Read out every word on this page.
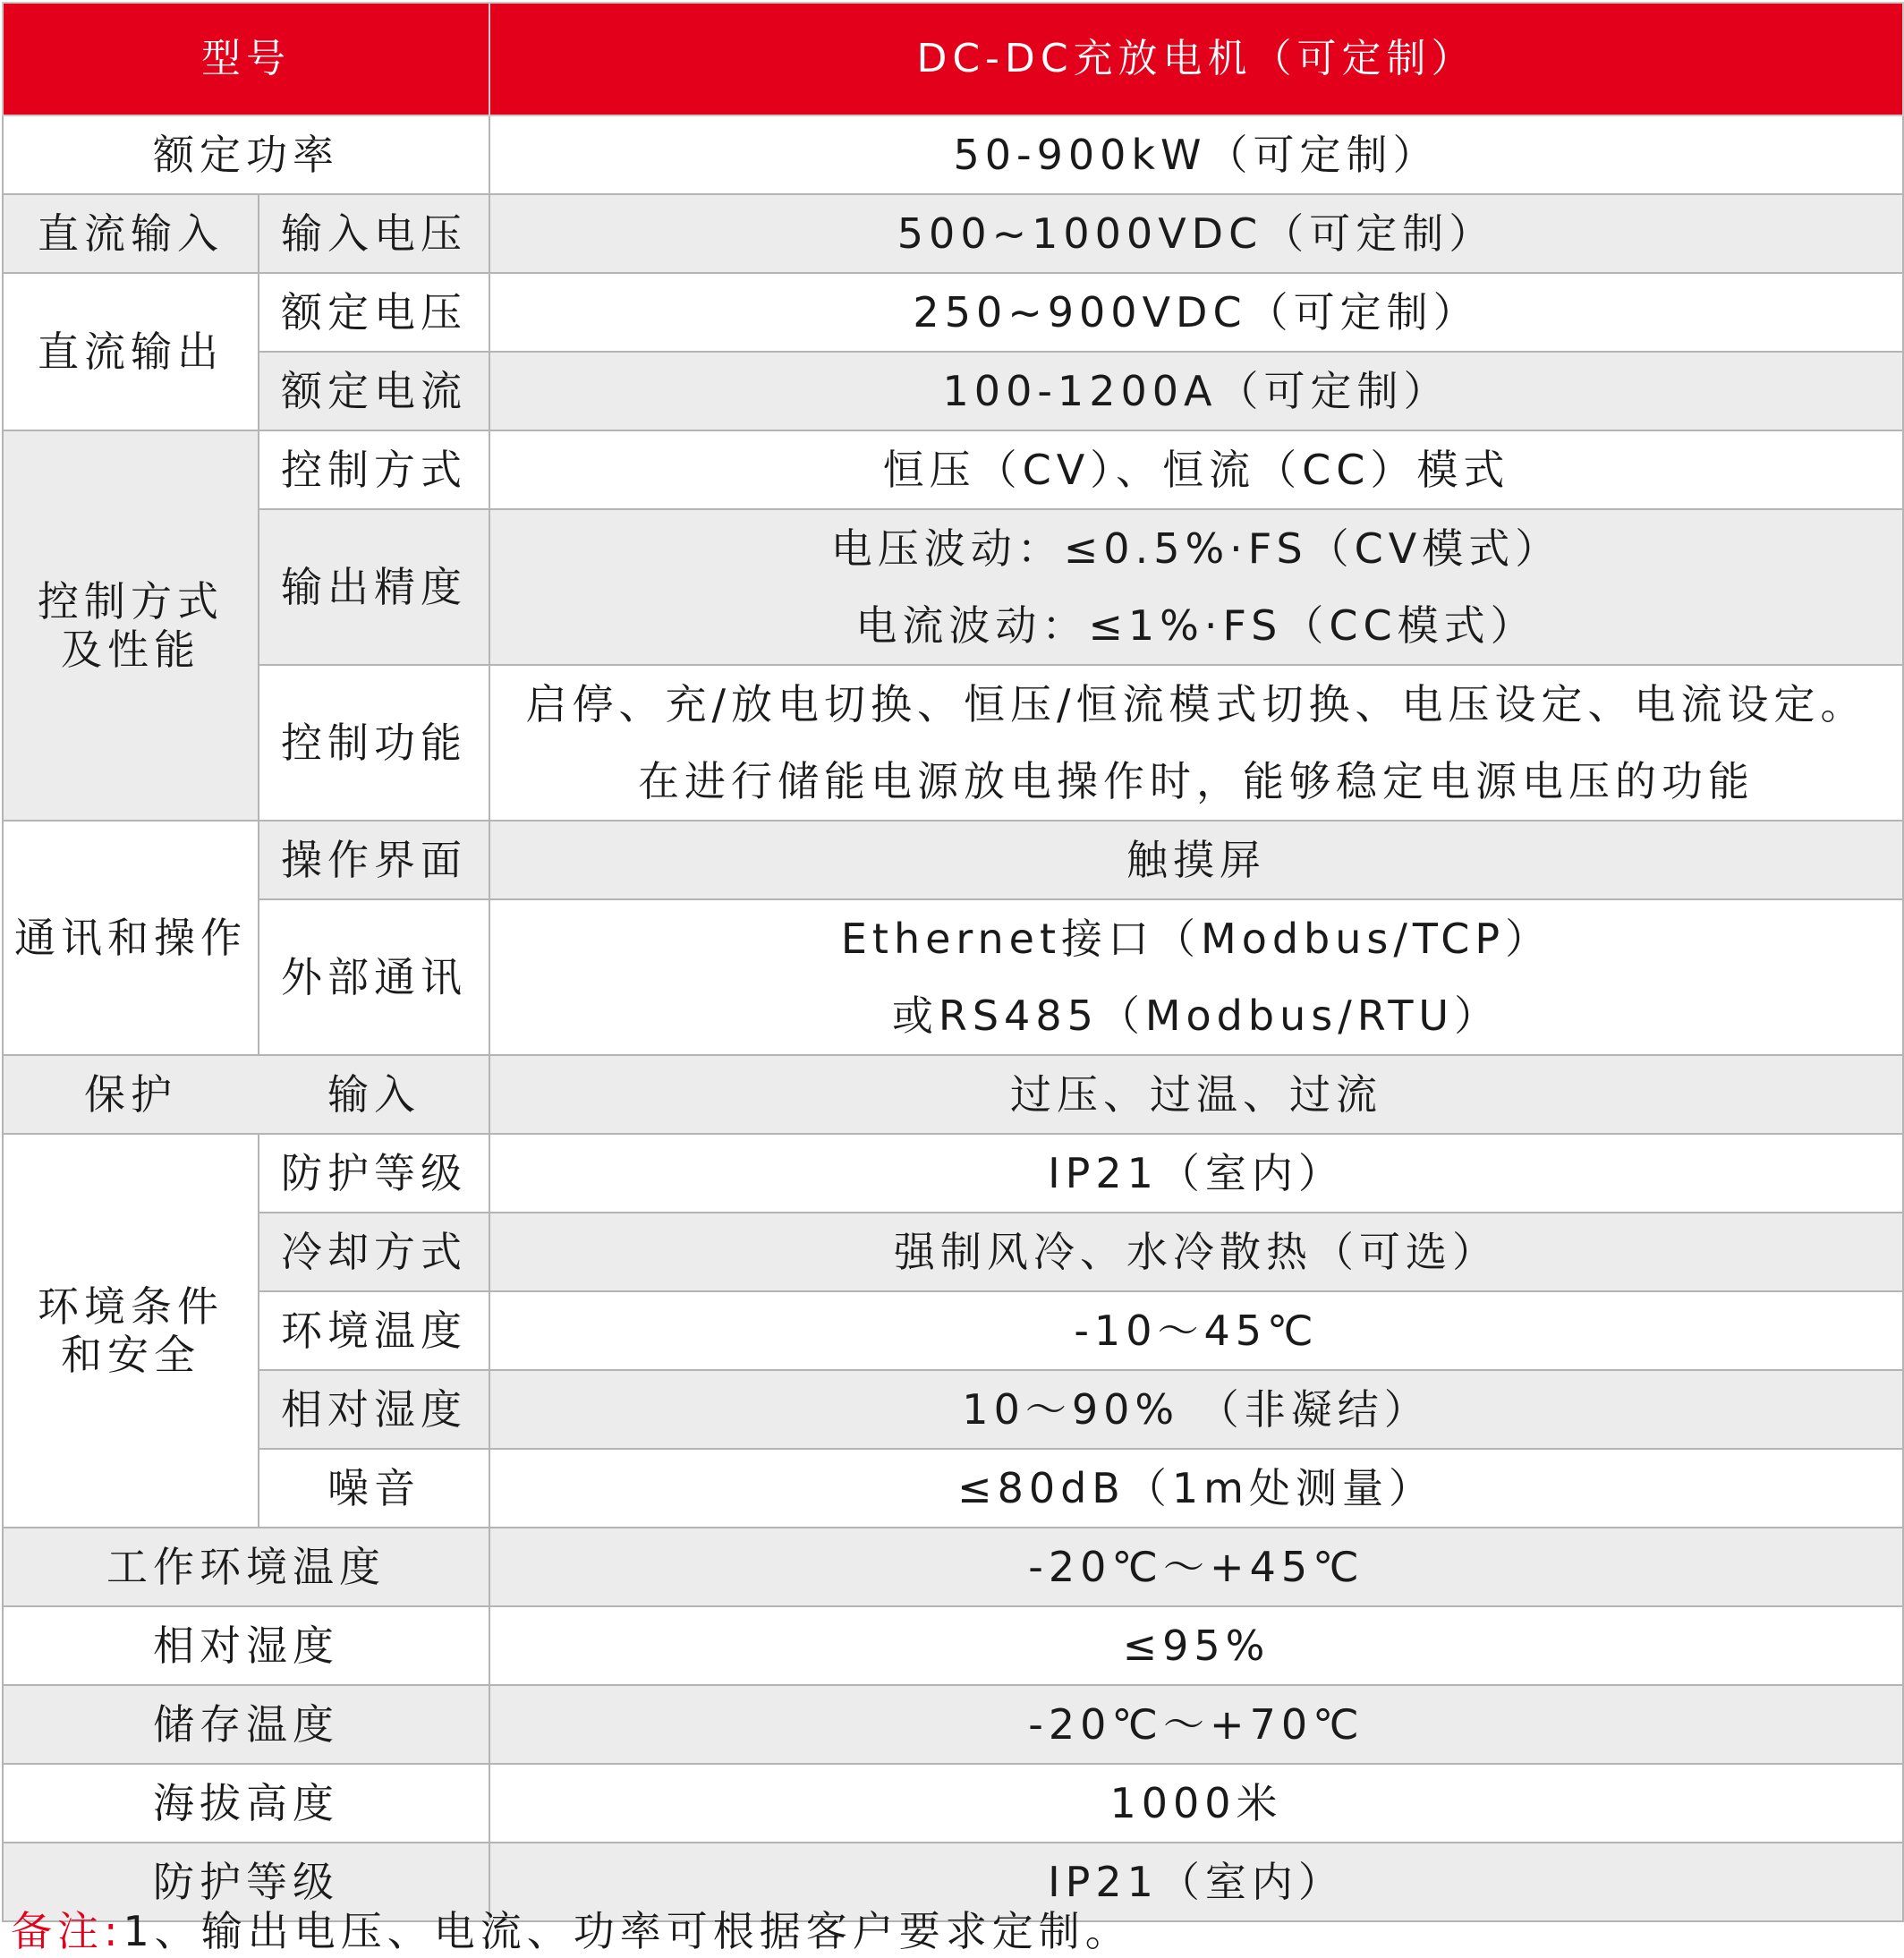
型号		DC-DC充放电机（可定制）
额定功率		50-900kW（可定制）
直流输入	输入电压	500~1000VDC（可定制）
直流输出	额定电压	250~900VDC（可定制）
	额定电流	100-1200A（可定制）

控制方式
及性能	控制方式	恒压（CV）、恒流（CC）模式
	输出精度	电压波动：≤0.5%·FS（CV模式）
电流波动：≤1%·FS（CC模式）

	控制功能	启停、充/放电切换、恒压/恒流模式切换、电压设定、电流设定。
在进行储能电源放电操作时，能够稳定电源电压的功能

通讯和操作	操作界面	触摸屏
	外部通讯	Ethernet接口（Modbus/TCP）
或RS485（Modbus/RTU）

保护	输入	过压、过温、过流

环境条件
和安全	防护等级	IP21（室内）
	冷却方式	强制风冷、水冷散热（可选）
	环境温度	-10～45℃
	相对湿度	10～90% （非凝结）
	噪音	≤80dB（1m处测量）
工作环境温度		-20℃～+45℃
相对湿度		≤95%
储存温度		-20℃～+70℃
海拔高度		1000米
防护等级		IP21（室内）
备注:1、输出电压、电流、功率可根据客户要求定制。
